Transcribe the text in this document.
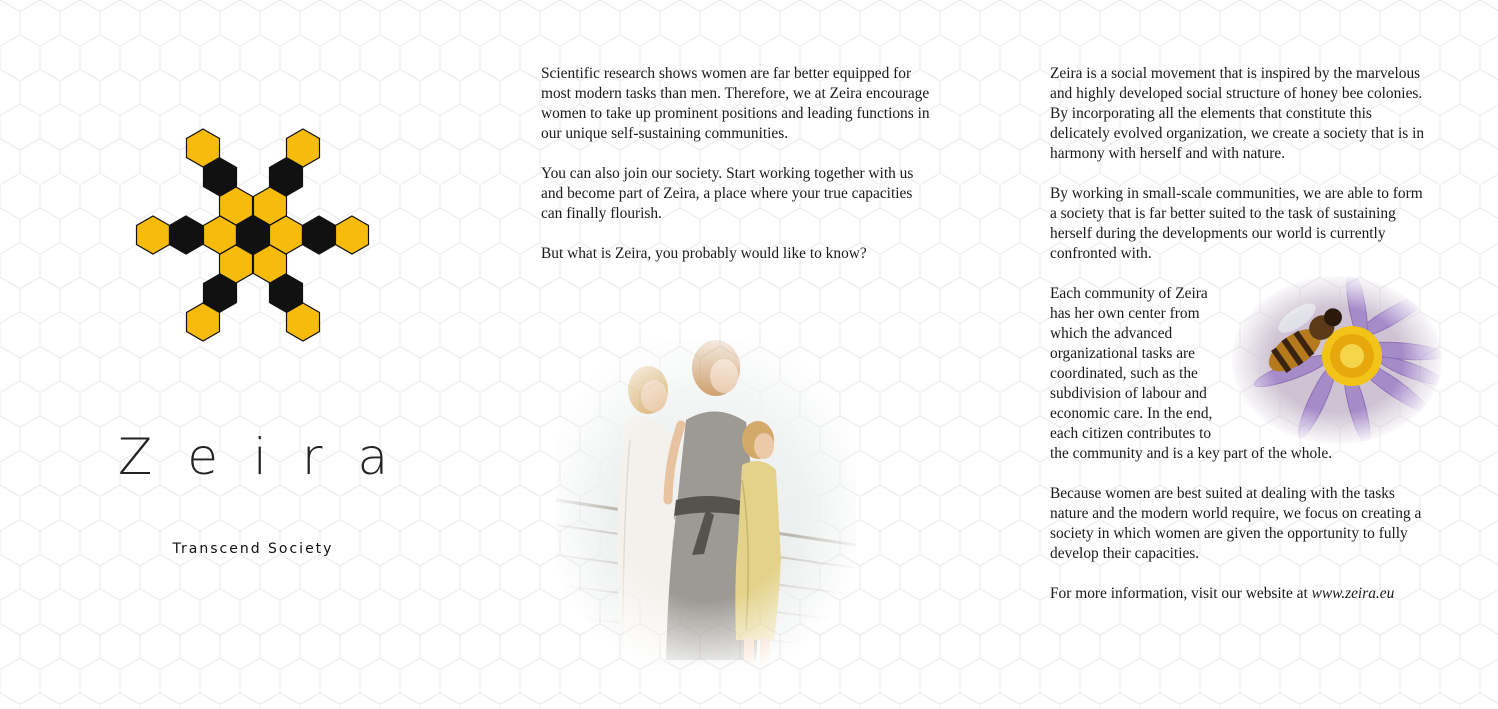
Zeira
Transcend Society

Scientific research shows women are far better equipped for most modern tasks than men. Therefore, we at Zeira encourage women to take up prominent positions and leading functions in our unique self-sustaining communities.

You can also join our society. Start working together with us and become part of Zeira, a place where your true capacities can finally flourish.

But what is Zeira, you probably would like to know?

Zeira is a social movement that is inspired by the marvelous and highly developed social structure of honey bee colonies. By incorporating all the elements that constitute this delicately evolved organization, we create a society that is in harmony with herself and with nature.

By working in small-scale communities, we are able to form a society that is far better suited to the task of sustaining herself during the developments our world is currently confronted with.

Each community of Zeira has her own center from which the advanced organizational tasks are coordinated, such as the subdivision of labour and economic care. In the end, each citizen contributes to the community and is a key part of the whole.

Because women are best suited at dealing with the tasks nature and the modern world require, we focus on creating a society in which women are given the opportunity to fully develop their capacities.

For more information, visit our website at www.zeira.eu
